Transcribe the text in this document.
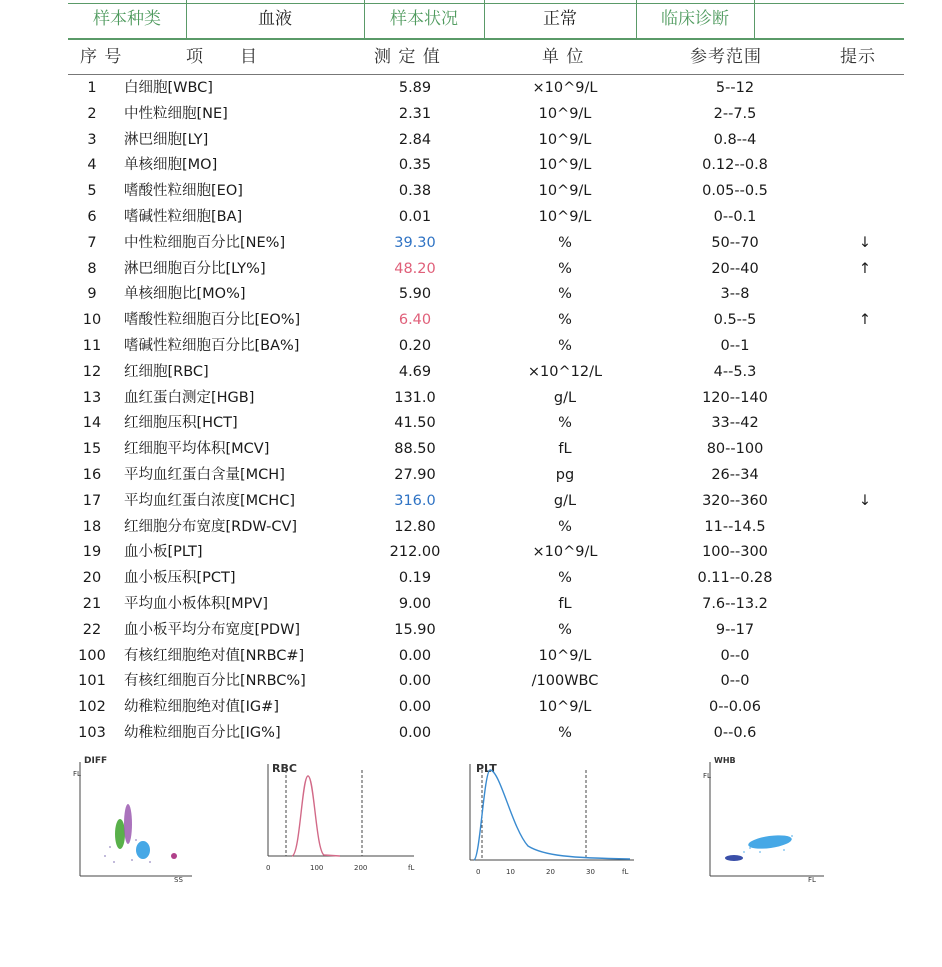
样本种类	血液	样本状况	正常	临床诊断
序 号	项　　目	测 定 值	单 位	参考范围	提示
1	白细胞[WBC]	5.89	×10^9/L	5--12
2	中性粒细胞[NE]	2.31	10^9/L	2--7.5
3	淋巴细胞[LY]	2.84	10^9/L	0.8--4
4	单核细胞[MO]	0.35	10^9/L	0.12--0.8
5	嗜酸性粒细胞[EO]	0.38	10^9/L	0.05--0.5
6	嗜碱性粒细胞[BA]	0.01	10^9/L	0--0.1
7	中性粒细胞百分比[NE%]	39.30	%	50--70	↓
8	淋巴细胞百分比[LY%]	48.20	%	20--40	↑
9	单核细胞比[MO%]	5.90	%	3--8
10	嗜酸性粒细胞百分比[EO%]	6.40	%	0.5--5	↑
11	嗜碱性粒细胞百分比[BA%]	0.20	%	0--1
12	红细胞[RBC]	4.69	×10^12/L	4--5.3
13	血红蛋白测定[HGB]	131.0	g/L	120--140
14	红细胞压积[HCT]	41.50	%	33--42
15	红细胞平均体积[MCV]	88.50	fL	80--100
16	平均血红蛋白含量[MCH]	27.90	pg	26--34
17	平均血红蛋白浓度[MCHC]	316.0	g/L	320--360	↓
18	红细胞分布宽度[RDW-CV]	12.80	%	11--14.5
19	血小板[PLT]	212.00	×10^9/L	100--300
20	血小板压积[PCT]	0.19	%	0.11--0.28
21	平均血小板体积[MPV]	9.00	fL	7.6--13.2
22	血小板平均分布宽度[PDW]	15.90	%	9--17
100	有核红细胞绝对值[NRBC#]	0.00	10^9/L	0--0
101	有核红细胞百分比[NRBC%]	0.00	/100WBC	0--0
102	幼稚粒细胞绝对值[IG#]	0.00	10^9/L	0--0.06
103	幼稚粒细胞百分比[IG%]	0.00	%	0--0.6
DIFF
FL
SS
RBC
0	100	200	fL
PLT
0	10	20	30	fL
WHB
FL
FL
